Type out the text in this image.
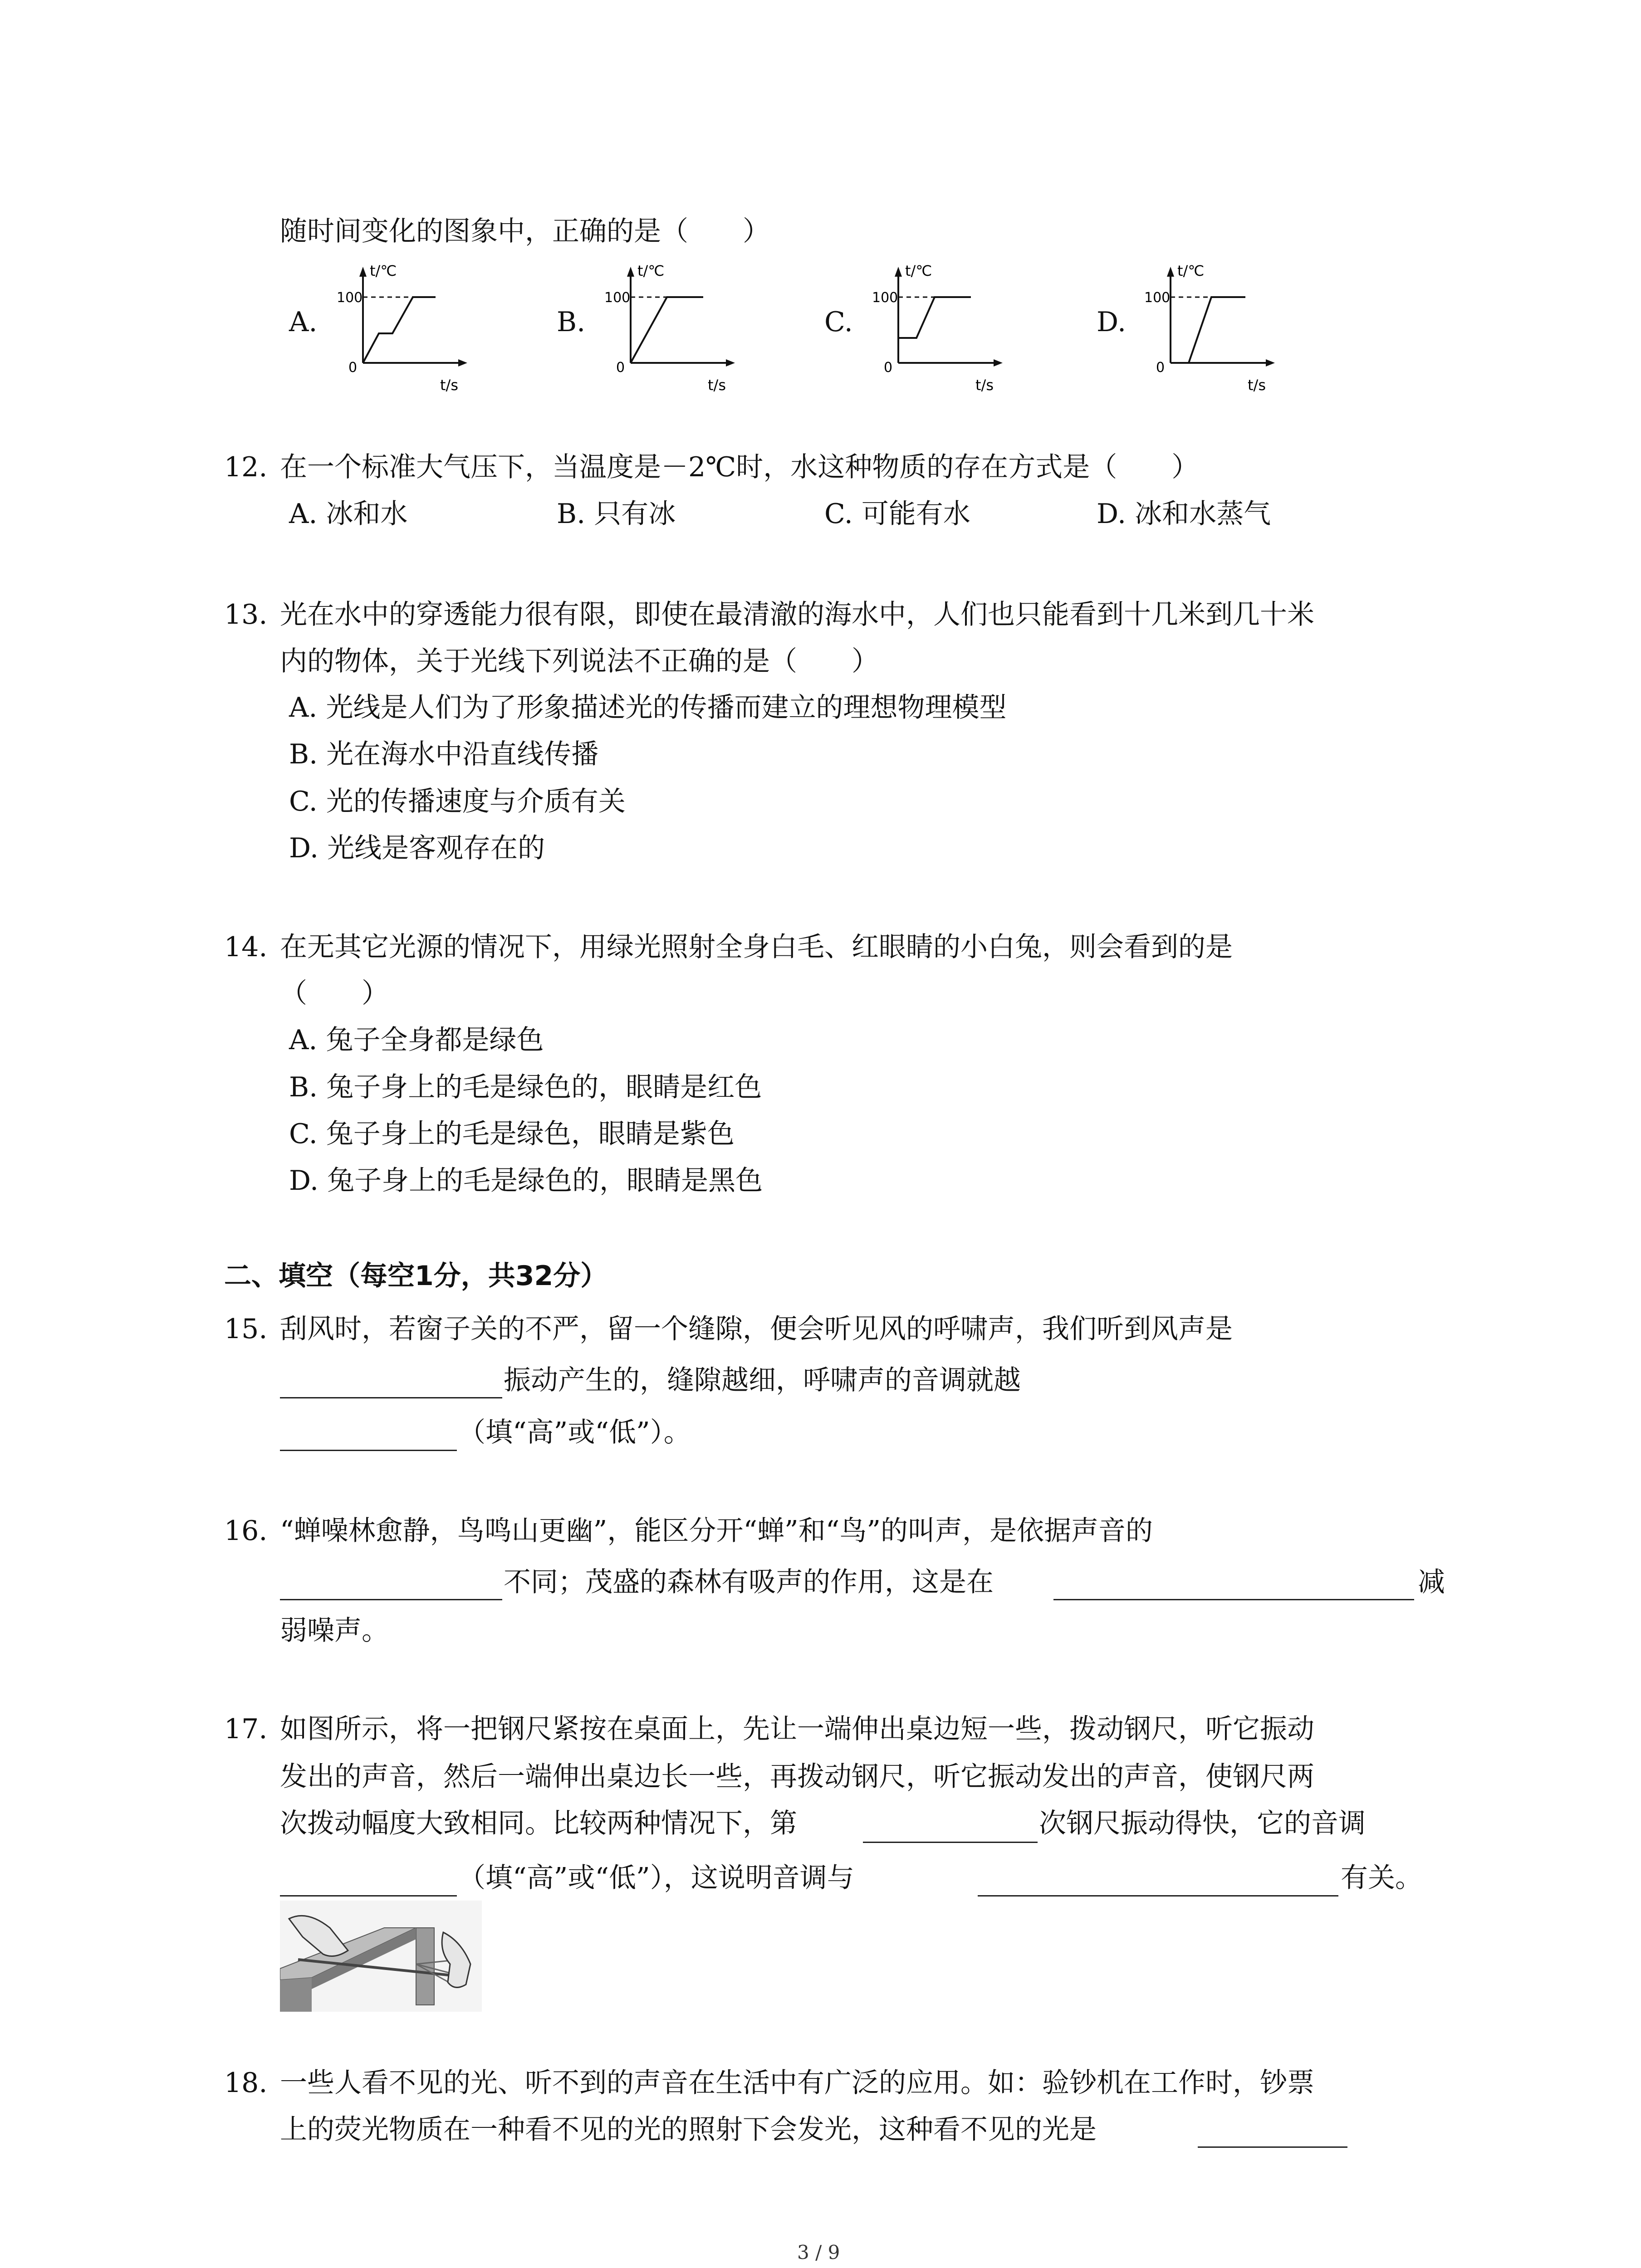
随时间变化的图象中，正确的是（　　）
A.
t/℃
100
0
t/s
B.
t/℃
100
0
t/s
C.
t/℃
100
0
t/s
D.
t/℃
100
0
t/s
12. 在一个标准大气压下，当温度是－2℃时，水这种物质的存在方式是（　　）
A. 冰和水	B. 只有冰	C. 可能有水	D. 冰和水蒸气
13. 光在水中的穿透能力很有限，即使在最清澈的海水中，人们也只能看到十几米到几十米
内的物体，关于光线下列说法不正确的是（　　）
A. 光线是人们为了形象描述光的传播而建立的理想物理模型
B. 光在海水中沿直线传播
C. 光的传播速度与介质有关
D. 光线是客观存在的
14. 在无其它光源的情况下，用绿光照射全身白毛、红眼睛的小白兔，则会看到的是
（　　）
A. 兔子全身都是绿色
B. 兔子身上的毛是绿色的，眼睛是红色
C. 兔子身上的毛是绿色，眼睛是紫色
D. 兔子身上的毛是绿色的，眼睛是黑色
二、填空（每空1分，共32分）
15. 刮风时，若窗子关的不严，留一个缝隙，便会听见风的呼啸声，我们听到风声是
振动产生的，缝隙越细，呼啸声的音调就越
（填“高”或“低”）。
16. “蝉噪林愈静，鸟鸣山更幽”，能区分开“蝉”和“鸟”的叫声，是依据声音的
不同；茂盛的森林有吸声的作用，这是在	减
弱噪声。
17. 如图所示，将一把钢尺紧按在桌面上，先让一端伸出桌边短一些，拨动钢尺，听它振动
发出的声音，然后一端伸出桌边长一些，再拨动钢尺，听它振动发出的声音，使钢尺两
次拨动幅度大致相同。比较两种情况下，第	次钢尺振动得快，它的音调
（填“高”或“低”），这说明音调与	有关。
18. 一些人看不见的光、听不到的声音在生活中有广泛的应用。如：验钞机在工作时，钞票
上的荧光物质在一种看不见的光的照射下会发光，这种看不见的光是
3 / 9
